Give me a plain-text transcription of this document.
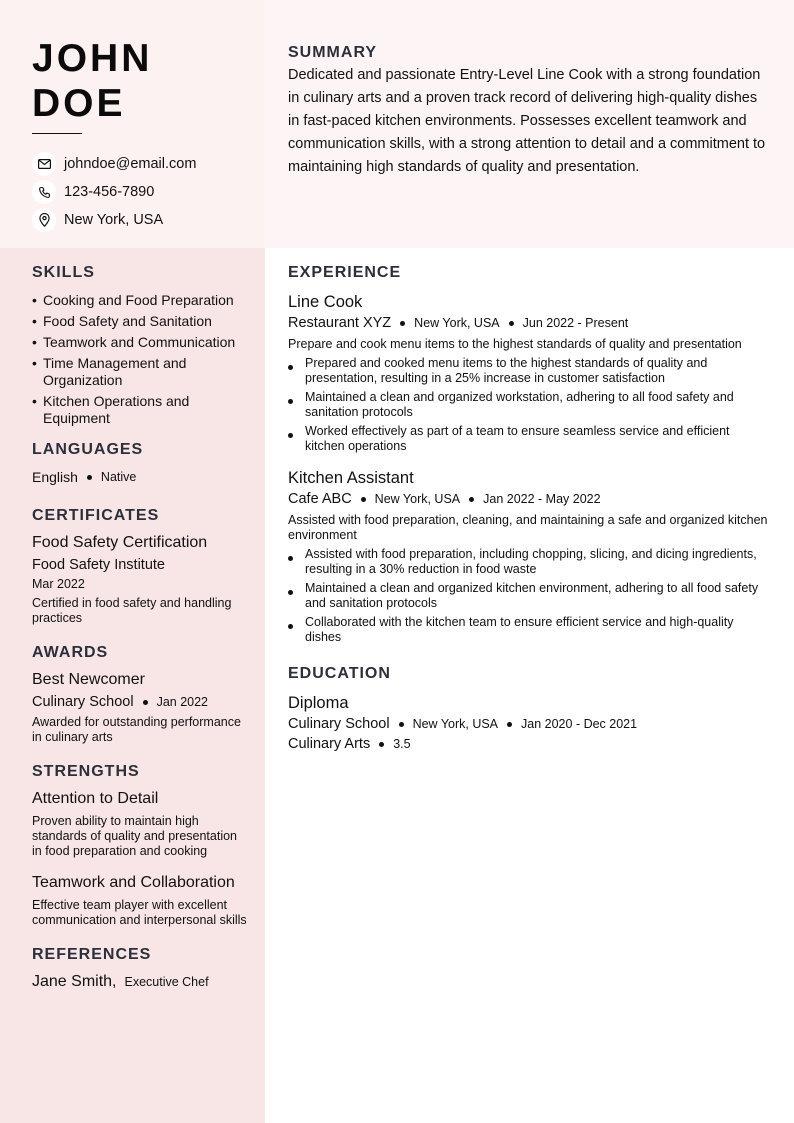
JOHN
DOE
johndoe@email.com
123-456-7890
New York, USA
SUMMARY
Dedicated and passionate Entry-Level Line Cook with a strong foundation in culinary arts and a proven track record of delivering high-quality dishes in fast-paced kitchen environments. Possesses excellent teamwork and communication skills, with a strong attention to detail and a commitment to maintaining high standards of quality and presentation.
SKILLS
• Cooking and Food Preparation
• Food Safety and Sanitation
• Teamwork and Communication
• Time Management and Organization
• Kitchen Operations and Equipment
LANGUAGES
English Native
CERTIFICATES
Food Safety Certification
Food Safety Institute
Mar 2022
Certified in food safety and handling practices
AWARDS
Best Newcomer
Culinary School Jan 2022
Awarded for outstanding performance in culinary arts
STRENGTHS
Attention to Detail
Proven ability to maintain high standards of quality and presentation in food preparation and cooking
Teamwork and Collaboration
Effective team player with excellent communication and interpersonal skills
REFERENCES
Jane Smith, Executive Chef
EXPERIENCE
Line Cook
Restaurant XYZ New York, USA Jun 2022 - Present
Prepare and cook menu items to the highest standards of quality and presentation
Prepared and cooked menu items to the highest standards of quality and presentation, resulting in a 25% increase in customer satisfaction
Maintained a clean and organized workstation, adhering to all food safety and sanitation protocols
Worked effectively as part of a team to ensure seamless service and efficient kitchen operations
Kitchen Assistant
Cafe ABC New York, USA Jan 2022 - May 2022
Assisted with food preparation, cleaning, and maintaining a safe and organized kitchen environment
Assisted with food preparation, including chopping, slicing, and dicing ingredients, resulting in a 30% reduction in food waste
Maintained a clean and organized kitchen environment, adhering to all food safety and sanitation protocols
Collaborated with the kitchen team to ensure efficient service and high-quality dishes
EDUCATION
Diploma
Culinary School New York, USA Jan 2020 - Dec 2021
Culinary Arts 3.5
